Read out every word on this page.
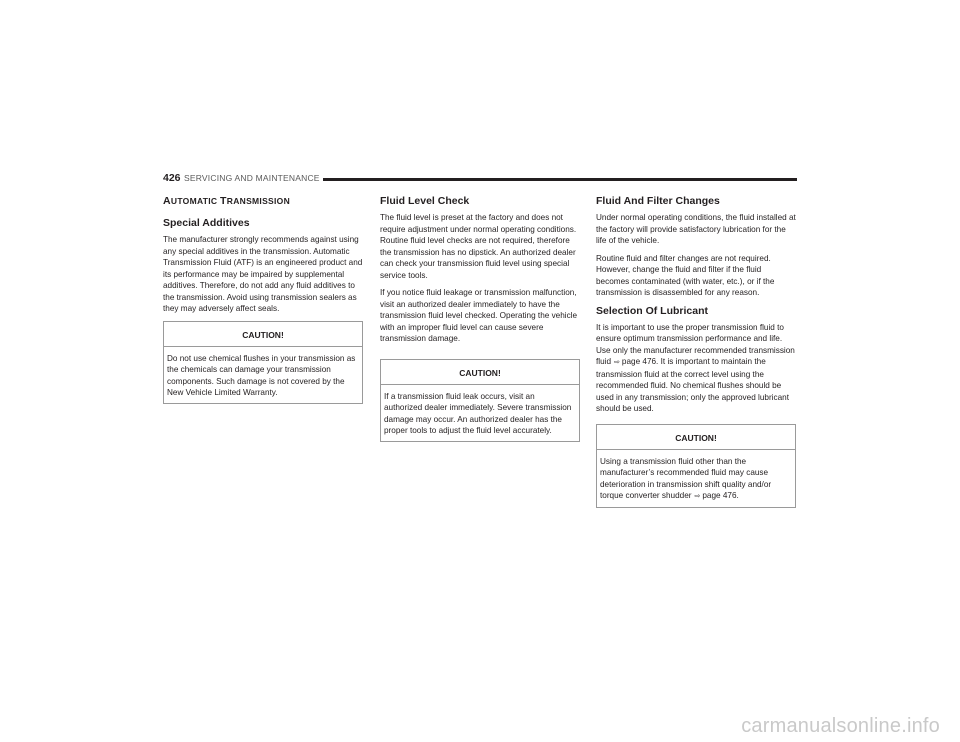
426 SERVICING AND MAINTENANCE
AUTOMATIC TRANSMISSION
Special Additives

The manufacturer strongly recommends against using any special additives in the transmission. Automatic Transmission Fluid (ATF) is an engineered product and its performance may be impaired by supplemental additives. Therefore, do not add any fluid additives to the transmission. Avoid using transmission sealers as they may adversely affect seals.

CAUTION!
Do not use chemical flushes in your transmission as the chemicals can damage your transmission components. Such damage is not covered by the New Vehicle Limited Warranty.
Fluid Level Check

The fluid level is preset at the factory and does not require adjustment under normal operating conditions. Routine fluid level checks are not required, therefore the transmission has no dipstick. An authorized dealer can check your transmission fluid level using special service tools.

If you notice fluid leakage or transmission malfunction, visit an authorized dealer immediately to have the transmission fluid level checked. Operating the vehicle with an improper fluid level can cause severe transmission damage.

CAUTION!
If a transmission fluid leak occurs, visit an authorized dealer immediately. Severe transmission damage may occur. An authorized dealer has the proper tools to adjust the fluid level accurately.
Fluid And Filter Changes

Under normal operating conditions, the fluid installed at the factory will provide satisfactory lubrication for the life of the vehicle.

Routine fluid and filter changes are not required. However, change the fluid and filter if the fluid becomes contaminated (with water, etc.), or if the transmission is disassembled for any reason.

Selection Of Lubricant

It is important to use the proper transmission fluid to ensure optimum transmission performance and life. Use only the manufacturer recommended transmission fluid ⇨ page 476. It is important to maintain the transmission fluid at the correct level using the recommended fluid. No chemical flushes should be used in any transmission; only the approved lubricant should be used.

CAUTION!
Using a transmission fluid other than the manufacturer’s recommended fluid may cause deterioration in transmission shift quality and/or torque converter shudder ⇨ page 476.
carmanualsonline.info
